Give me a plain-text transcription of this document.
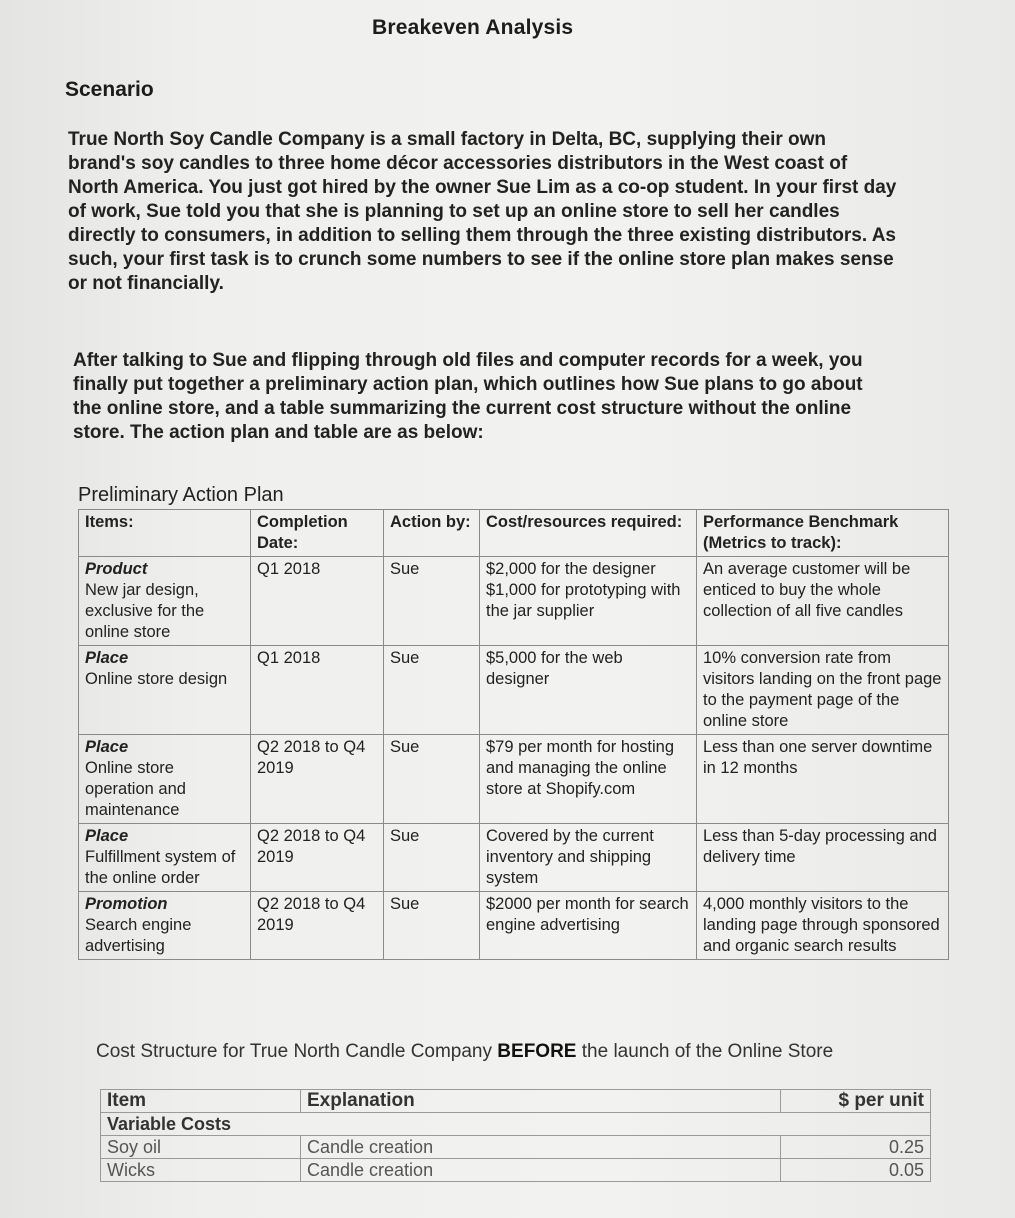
Breakeven Analysis
Scenario
True North Soy Candle Company is a small factory in Delta, BC, supplying their own brand's soy candles to three home décor accessories distributors in the West coast of North America. You just got hired by the owner Sue Lim as a co-op student. In your first day of work, Sue told you that she is planning to set up an online store to sell her candles directly to consumers, in addition to selling them through the three existing distributors. As such, your first task is to crunch some numbers to see if the online store plan makes sense or not financially.
After talking to Sue and flipping through old files and computer records for a week, you finally put together a preliminary action plan, which outlines how Sue plans to go about the online store, and a table summarizing the current cost structure without the online store. The action plan and table are as below:
Preliminary Action Plan
Items:	Completion Date:	Action by:	Cost/resources required:	Performance Benchmark (Metrics to track):

Product
New jar design, exclusive for the online store	Q1 2018	Sue	$2,000 for the designer $1,000 for prototyping with the jar supplier	An average customer will be enticed to buy the whole collection of all five candles

Place
Online store design	Q1 2018	Sue	$5,000 for the web designer	10% conversion rate from visitors landing on the front page to the payment page of the online store

Place
Online store operation and maintenance	Q2 2018 to Q4 2019	Sue	$79 per month for hosting and managing the online store at Shopify.com	Less than one server downtime in 12 months

Place
Fulfillment system of the online order	Q2 2018 to Q4 2019	Sue	Covered by the current inventory and shipping system	Less than 5-day processing and delivery time

Promotion
Search engine advertising	Q2 2018 to Q4 2019	Sue	$2000 per month for search engine advertising	4,000 monthly visitors to the landing page through sponsored and organic search results
Cost Structure for True North Candle Company BEFORE the launch of the Online Store
Item	Explanation	$ per unit
Variable Costs		
Soy oil	Candle creation	0.25
Wicks	Candle creation	0.05
